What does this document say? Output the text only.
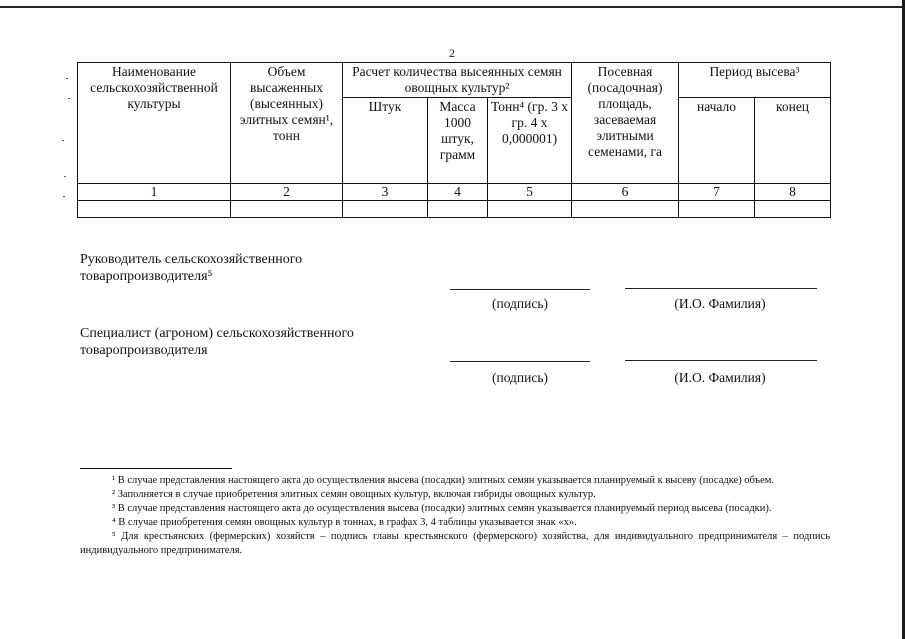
2
Наименование сельскохозяйственной культуры	Объем высаженных (высеянных) элитных семян¹, тонн	Расчет количества высеянных семян овощных культур²			Посевная (посадочная) площадь, засеваемая элитными семенами, га	Период высева³	
		Штук	Масса 1000 штук, грамм	Тонн⁴ (гр. 3 х гр. 4 х 0,000001)		начало	конец
1	2	3	4	5	6	7	8

Руководитель сельскохозяйственного товаропроизводителя⁵
(подпись)	(И.О. Фамилия)
Специалист (агроном) сельскохозяйственного товаропроизводителя
(подпись)	(И.О. Фамилия)

¹ В случае представления настоящего акта до осуществления высева (посадки) элитных семян указывается планируемый к высеву (посадке) объем.

² Заполняется в случае приобретения элитных семян овощных культур, включая гибриды овощных культур.

³ В случае представления настоящего акта до осуществления высева (посадки) элитных семян указывается планируемый период высева (посадки).

⁴ В случае приобретения семян овощных культур в тоннах, в графах 3, 4 таблицы указывается знак «х».

⁵ Для крестьянских (фермерских) хозяйств – подпись главы крестьянского (фермерского) хозяйства, для индивидуального предпринимателя – подпись индивидуального предпринимателя.
